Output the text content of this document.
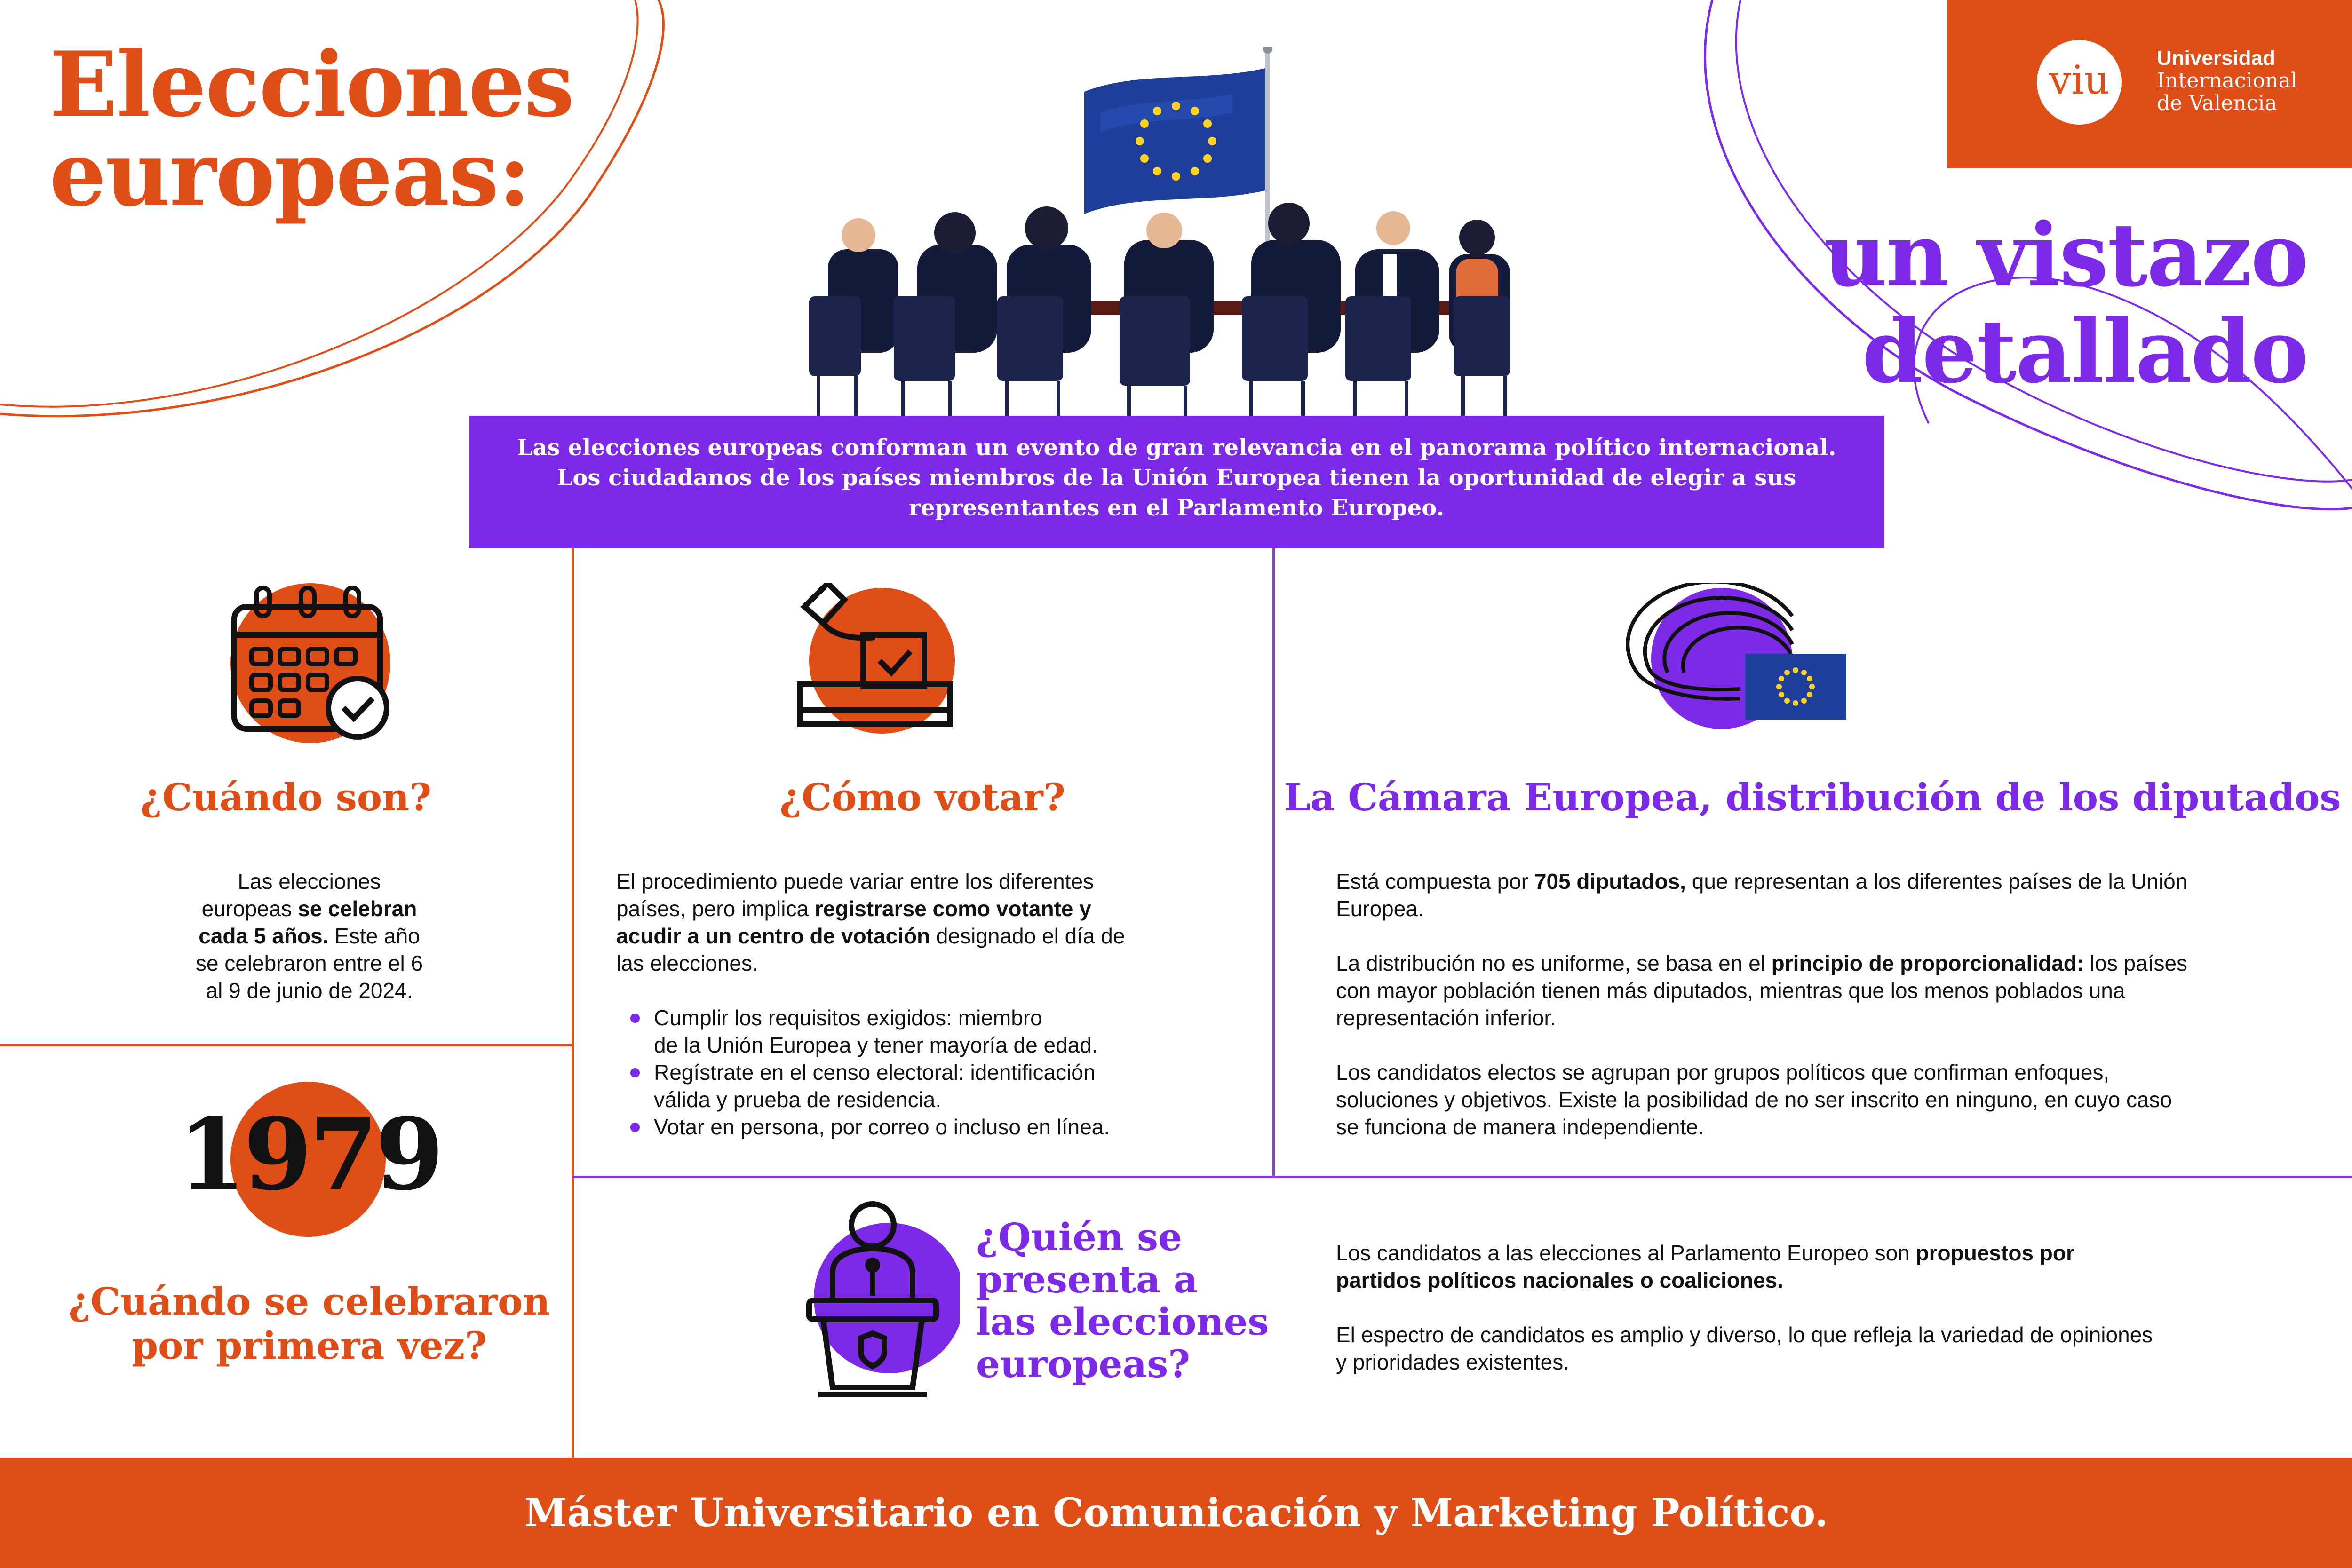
Elecciones
europeas:
un vistazo
detallado
viu	Universidad
Internacional
de Valencia
Las elecciones europeas conforman un evento de gran relevancia en el panorama político internacional.
Los ciudadanos de los países miembros de la Unión Europea tienen la oportunidad de elegir a sus
representantes en el Parlamento Europeo.
¿Cuándo son?
Las elecciones
europeas se celebran
cada 5 años. Este año
se celebraron entre el 6
al 9 de junio de 2024.
1979
¿Cuándo se celebraron
por primera vez?
¿Cómo votar?
El procedimiento puede variar entre los diferentes
países, pero implica registrarse como votante y
acudir a un centro de votación designado el día de
las elecciones.
Cumplir los requisitos exigidos: miembro
de la Unión Europea y tener mayoría de edad.
Regístrate en el censo electoral: identificación
válida y prueba de residencia.
Votar en persona, por correo o incluso en línea.
La Cámara Europea, distribución de los diputados
Está compuesta por 705 diputados, que representan a los diferentes países de la Unión
Europea.
La distribución no es uniforme, se basa en el principio de proporcionalidad: los países
con mayor población tienen más diputados, mientras que los menos poblados una
representación inferior.
Los candidatos electos se agrupan por grupos políticos que confirman enfoques,
soluciones y objetivos. Existe la posibilidad de no ser inscrito en ninguno, en cuyo caso
se funciona de manera independiente.
¿Quién se
presenta a
las elecciones
europeas?
Los candidatos a las elecciones al Parlamento Europeo son propuestos por
partidos políticos nacionales o coaliciones.
El espectro de candidatos es amplio y diverso, lo que refleja la variedad de opiniones
y prioridades existentes.
Máster Universitario en Comunicación y Marketing Político.
